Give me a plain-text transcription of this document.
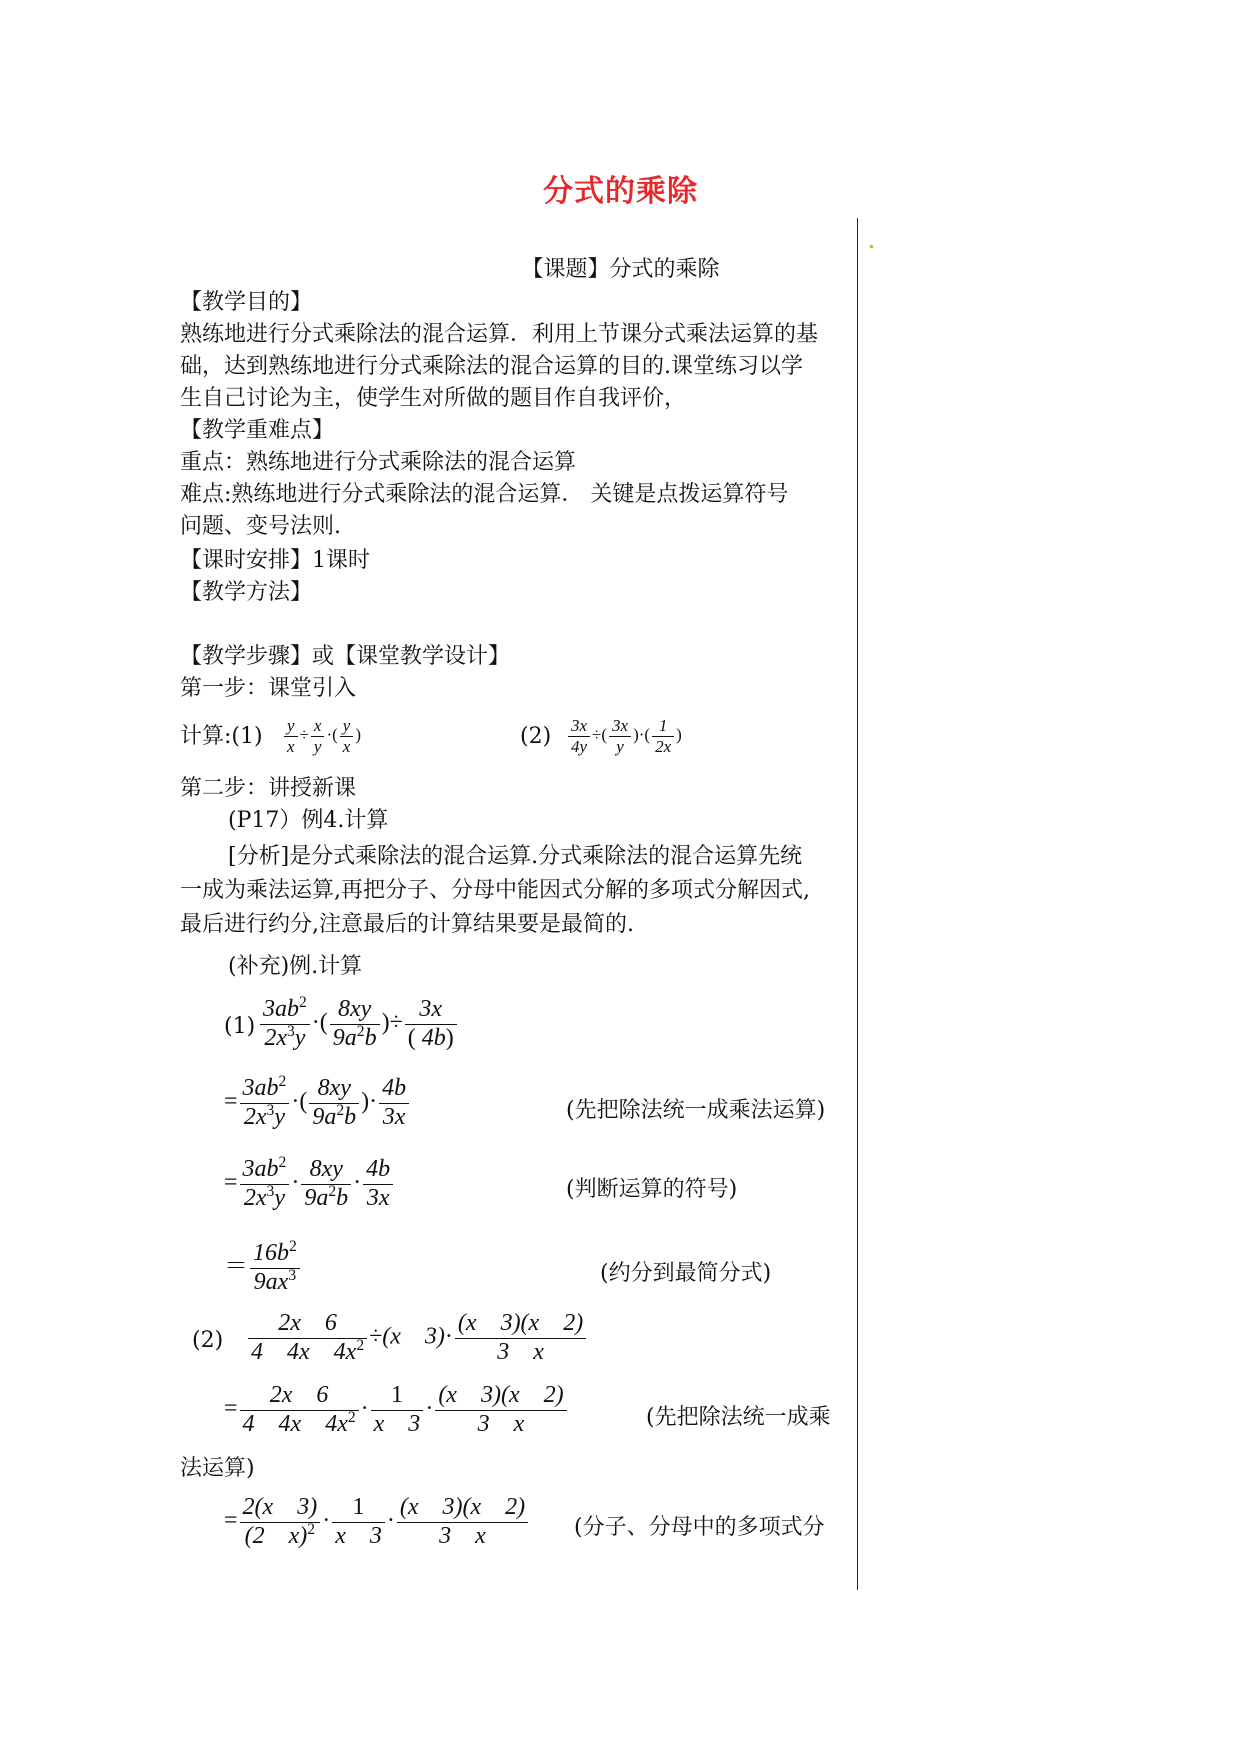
分式的乘除
【课题】分式的乘除
【教学目的】
熟练地进行分式乘除法的混合运算．利用上节课分式乘法运算的基
础，达到熟练地进行分式乘除法的混合运算的目的.课堂练习以学
生自己讨论为主，使学生对所做的题目作自我评价，
【教学重难点】
重点：熟练地进行分式乘除法的混合运算
难点:熟练地进行分式乘除法的混合运算． 关键是点拨运算符号
问题、变号法则.
【课时安排】1课时
【教学方法】
【教学步骤】或【课堂教学设计】
第一步：课堂引入
计算:(1) $\frac{y}{x} \div \frac{x}{y}$ ·( $\frac{y}{x}$ )	$(2) \frac{3x}{4y}$ ÷( $\frac{3x}{y}$ )·( $\frac{1}{2x}$ )
第二步：讲授新课
(P17）例4.计算
[分析]是分式乘除法的混合运算.分式乘除法的混合运算先统
一成为乘法运算,再把分子、分母中能因式分解的多项式分解因式,
最后进行约分,注意最后的计算结果要是最简的.
(补充)例.计算
$(1) \frac{3ab^2}{2x^3y}$ ·( $\frac{8xy}{9a^2b}$ )÷ $\frac{3x}{( 4b)}$
= $\frac{3ab^2}{2x^3y}$ ·( $\frac{8xy}{9a^2b}$ )· $\frac{4b}{3x}$	(先把除法统一成乘法运算)
= $\frac{3ab^2}{2x^3y} \cdot \frac{8xy}{9a^2b} \cdot \frac{4b}{3x}$	(判断运算的符号)
＝ $\frac{16b^2}{9ax^3}$	(约分到最简分式)
$(2) \frac{2x 6}{4 4x 4x^2} \div(x$    $3)\cdot \frac{(x 3)(x 2)}{3 x}$
= $\frac{2x 6}{4 4x 4x^2} \cdot \frac{1}{x 3} \cdot \frac{(x 3)(x 2)}{3 x}$	(先把除法统一成乘
法运算)
= $\frac{2(x 3)}{(2 x)^2} \cdot \frac{1}{x 3} \cdot \frac{(x 3)(x 2)}{3 x}$ (分子、分母中的多项式分
